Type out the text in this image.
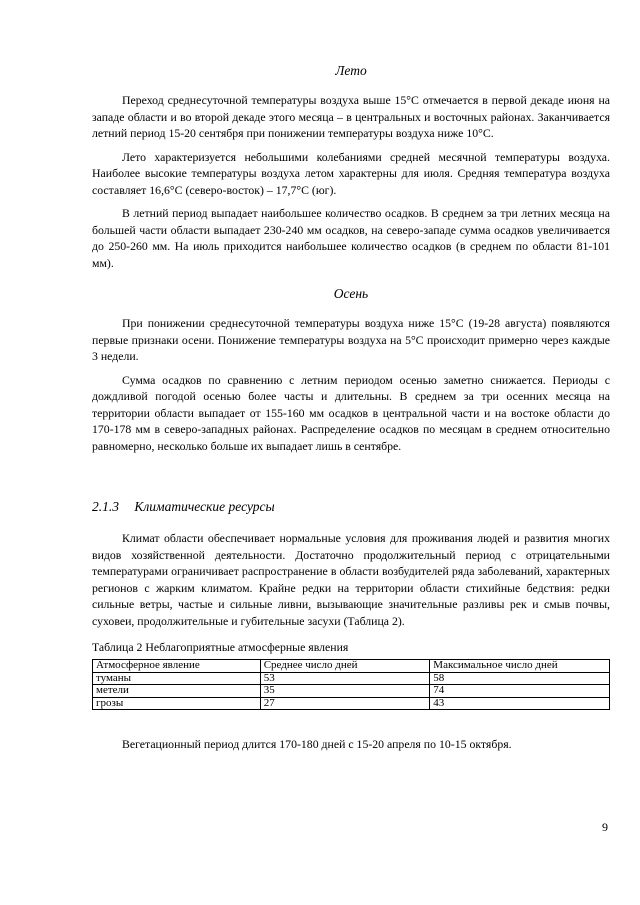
Лето

Переход среднесуточной температуры воздуха выше 15°С отмечается в первой декаде июня на западе области и во второй декаде этого месяца – в центральных и восточных районах. Заканчивается летний период 15-20 сентября при понижении температуры воздуха ниже 10°С.

Лето характеризуется небольшими колебаниями средней месячной температуры воздуха. Наиболее высокие температуры воздуха летом характерны для июля. Средняя температура воздуха составляет 16,6°С (северо-восток) – 17,7°С (юг).

В летний период выпадает наибольшее количество осадков. В среднем за три летних месяца на большей части области выпадает 230-240 мм осадков, на северо-западе сумма осадков увеличивается до 250-260 мм. На июль приходится наибольшее количество осадков (в среднем по области 81-101 мм).

Осень

При понижении среднесуточной температуры воздуха ниже 15°С (19-28 августа) появляются первые признаки осени. Понижение температуры воздуха на 5°С происходит примерно через каждые 3 недели.

Сумма осадков по сравнению с летним периодом осенью заметно снижается. Периоды с дождливой погодой осенью более часты и длительны. В среднем за три осенних месяца на территории области выпадает от 155-160 мм осадков в центральной части и на востоке области до 170-178 мм в северо-западных районах. Распределение осадков по месяцам в среднем относительно равномерно, несколько больше их выпадает лишь в сентябре.

2.1.3 Климатические ресурсы

Климат области обеспечивает нормальные условия для проживания людей и развития многих видов хозяйственной деятельности. Достаточно продолжительный период с отрицательными температурами ограничивает распространение в области возбудителей ряда заболеваний, характерных регионов с жарким климатом. Крайне редки на территории области стихийные бедствия: редки сильные ветры, частые и сильные ливни, вызывающие значительные разливы рек и смыв почвы, суховеи, продолжительные и губительные засухи (Таблица 2).

Таблица 2 Неблагоприятные атмосферные явления
Атмосферное явление	Среднее число дней	Максимальное число дней
туманы	53	58
метели	35	74
грозы	27	43

Вегетационный период длится 170-180 дней с 15-20 апреля по 10-15 октября.

9
